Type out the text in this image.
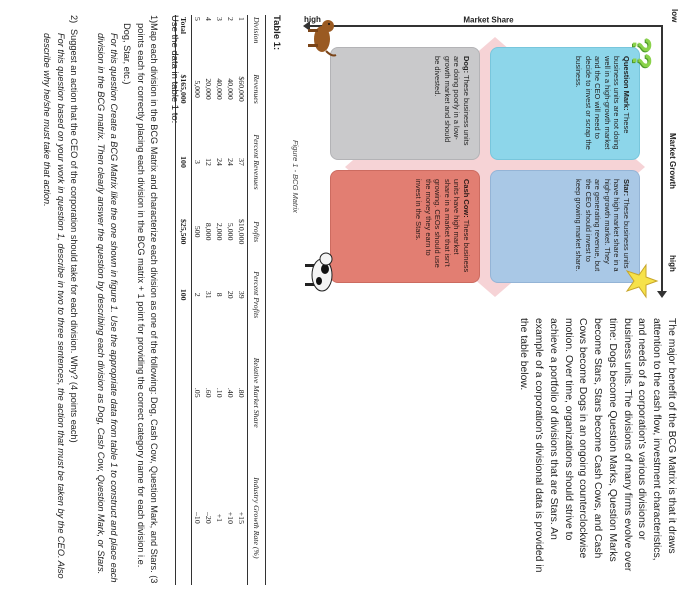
Market Growth
high
low
Market Share
high
Question Mark: These business units are not doing well in a high-growth market and the CEO will need to decide to invest or scrap the business.
Star: These business units have high market share in a high-growth market. They are generating revenue, but the CEO should invest to keep growing market share.
Dog: These business units are doing poorly in a low-growth market and should be divested.
Cash Cow: These business units have high market share in a market that isn't growing. CEOs should use the money they earn to invest in the Stars.
??
Figure 1 - BCG Matrix
The major benefit of the BCG Matrix is that it draws attention to the cash flow, investment characteristics, and needs of a corporation's various divisions or business units. The divisions of many firms evolve over time: Dogs become Question Marks, Question Marks become Stars, Stars become Cash Cows, and Cash Cows become Dogs in an ongoing counterclockwise motion. Over time, organizations should strive to achieve a portfolio of divisions that are Stars. An example of a corporation's divisional data is provided in the table below.
Table 1:
Division	Revenues	Percent Revenues	Profits	Percent Profits	Relative Market Share	Industry Growth Rate (%)
1	$60,000	37	$10,000	39	.80	+15
2	40,000	24	5,000	20	.40	+10
3	40,000	24	2,000	8	.10	+1
4	20,000	12	8,000	31	.60	–20
5	5,000	3	500	2	.05	–10
Total	$165,000	100	$25,500	100		
Use the data in table 1 to:
1)
Map each division in the BCG Matrix and characterize each division as one of the following: Dog, Cash Cow, Question Mark, and Stars. (3 points each for correctly placing each division in the BCG matrix + 1 point for providing the correct category name for each division i.e. Dog, Star, etc.)

For this question Create a BCG Matrix like the one shown in figure 1. Use the appropriate data from table 1 to construct and place each division in the BCG matrix. Then clearly answer the question by describing each division as Dog, Cash Cow, Question Mark, or Stars.

2)
Suggest an action that the CEO of the corporation should take for each division. Why? (4 points each)

For this question based on your work in question 1, describe in two to three sentences, the action that must be taken by the CEO. Also describe why he/she must take that action.
